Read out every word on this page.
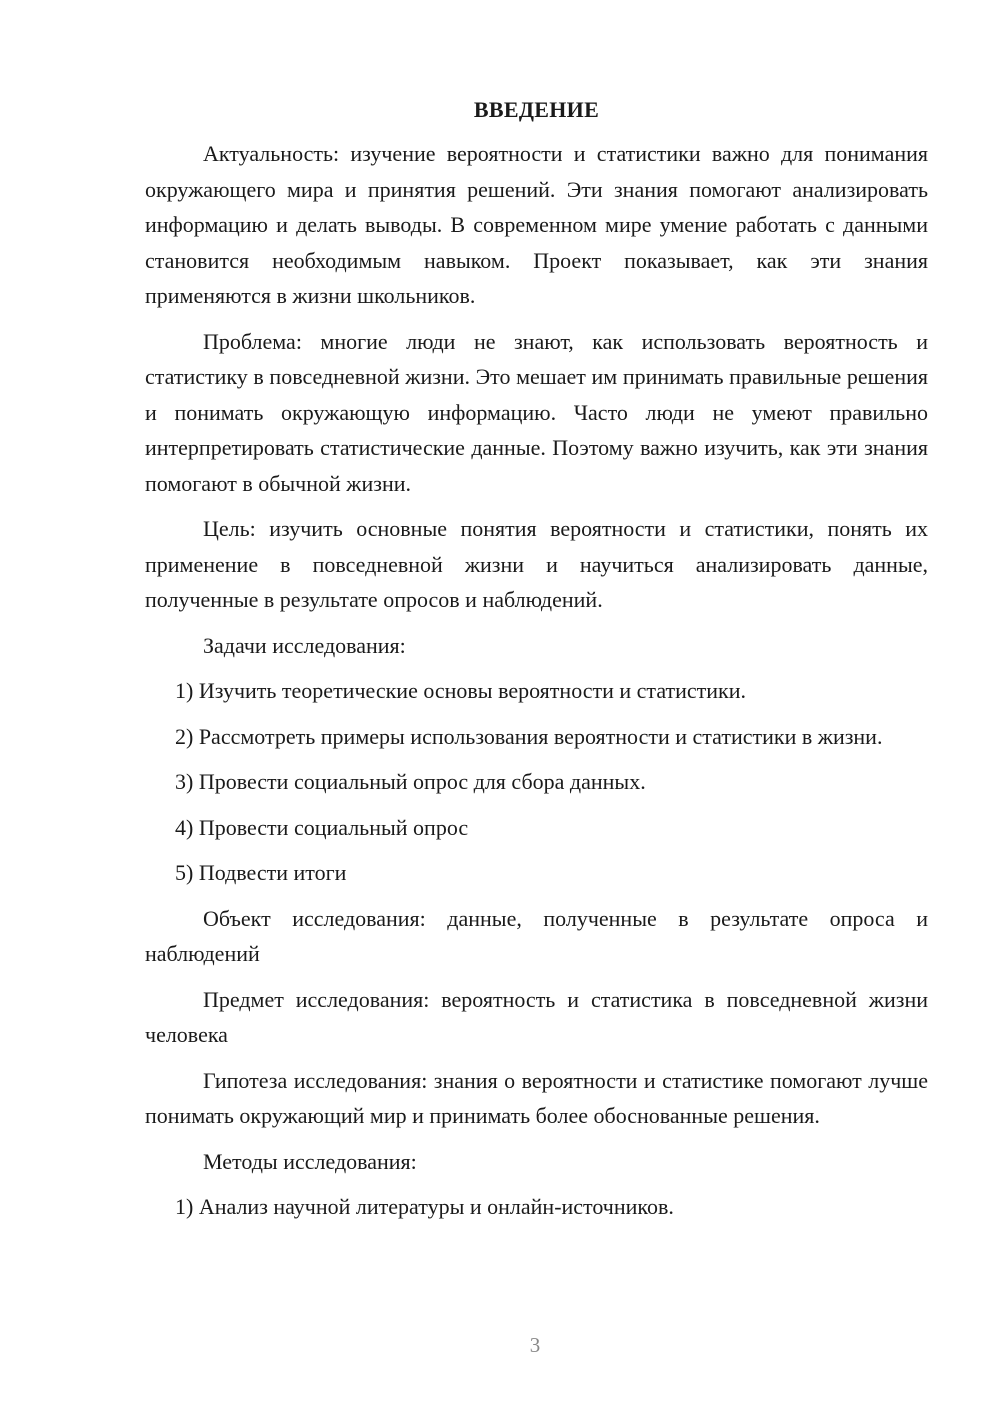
ВВЕДЕНИЕ

Актуальность: изучение вероятности и статистики важно для понимания окружающего мира и принятия решений. Эти знания помогают анализировать информацию и делать выводы. В современном мире умение работать с данными становится необходимым навыком. Проект показывает, как эти знания применяются в жизни школьников.

Проблема: многие люди не знают, как использовать вероятность и статистику в повседневной жизни. Это мешает им принимать правильные решения и понимать окружающую информацию. Часто люди не умеют правильно интерпретировать статистические данные. Поэтому важно изучить, как эти знания помогают в обычной жизни.

Цель: изучить основные понятия вероятности и статистики, понять их применение в повседневной жизни и научиться анализировать данные, полученные в результате опросов и наблюдений.

Задачи исследования:

1) Изучить теоретические основы вероятности и статистики.

2) Рассмотреть примеры использования вероятности и статистики в жизни.

3) Провести социальный опрос для сбора данных.

4) Провести социальный опрос

5) Подвести итоги

Объект исследования: данные, полученные в результате опроса и наблюдений

Предмет исследования: вероятность и статистика в повседневной жизни человека

Гипотеза исследования: знания о вероятности и статистике помогают лучше понимать окружающий мир и принимать более обоснованные решения.

Методы исследования:

1) Анализ научной литературы и онлайн-источников.

3
